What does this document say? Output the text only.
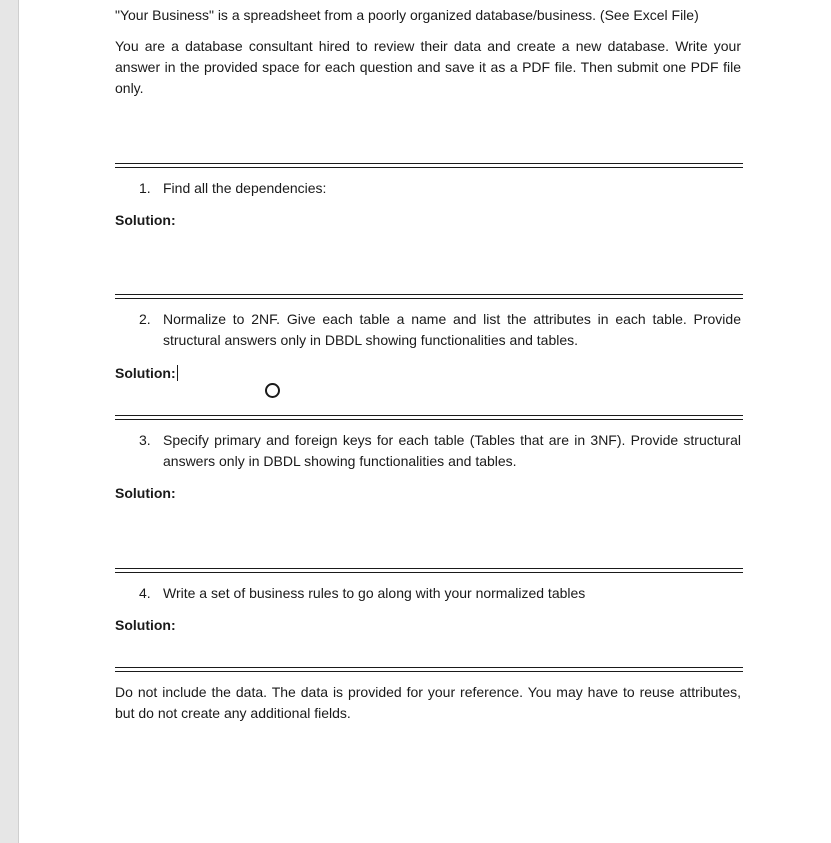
"Your Business" is a spreadsheet from a poorly organized database/business. (See Excel File)

You are a database consultant hired to review their data and create a new database. Write your answer in the provided space for each question and save it as a PDF file. Then submit one PDF file only.

1. Find all the dependencies:

Solution:
2. Normalize to 2NF. Give each table a name and list the attributes in each table. Provide structural answers only in DBDL showing functionalities and tables.

Solution:
3. Specify primary and foreign keys for each table (Tables that are in 3NF). Provide structural answers only in DBDL showing functionalities and tables.

Solution:
4. Write a set of business rules to go along with your normalized tables

Solution:

Do not include the data. The data is provided for your reference. You may have to reuse attributes, but do not create any additional fields.
